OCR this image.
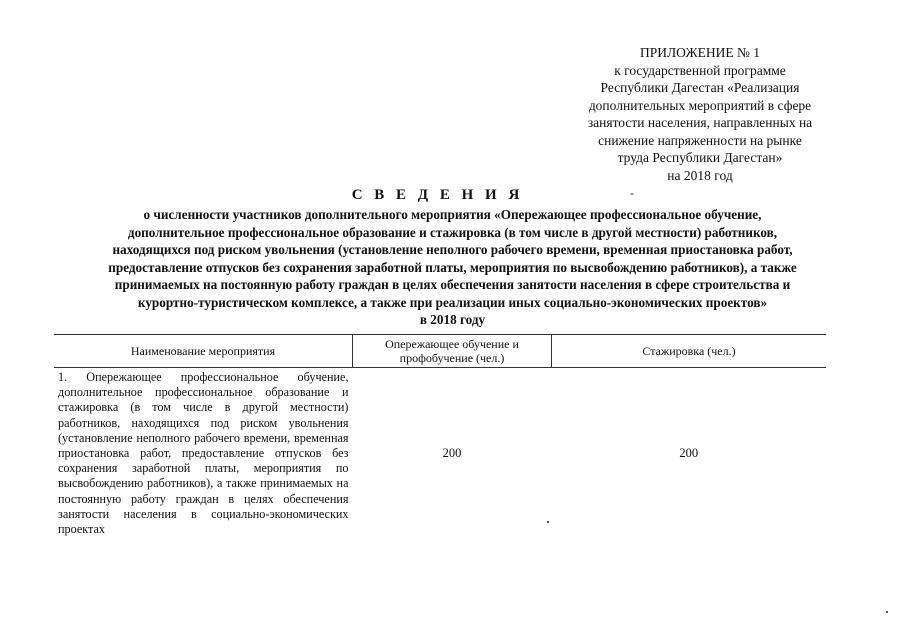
ПРИЛОЖЕНИЕ № 1
к государственной программе
Республики Дагестан «Реализация
дополнительных мероприятий в сфере
занятости населения, направленных на
снижение напряженности на рынке
труда Республики Дагестан»
на 2018 год
-
С В Е Д Е Н И Я
о численности участников дополнительного мероприятия «Опережающее профессиональное обучение,
дополнительное профессиональное образование и стажировка (в том числе в другой местности) работников,
находящихся под риском увольнения (установление неполного рабочего времени, временная приостановка работ,
предоставление отпусков без сохранения заработной платы, мероприятия по высвобождению работников), а также
принимаемых на постоянную работу граждан в целях обеспечения занятости населения в сфере строительства и
курортно-туристическом комплексе, а также при реализации иных социально-экономических проектов»
в 2018 году
Наименование мероприятия	Опережающее обучение и профобучение (чел.)	Стажировка (чел.)
1. Опережающее профессиональное обучение, дополнительное профессиональное образование и стажировка (в том числе в другой местности) работников, находящихся под риском увольнения (установление неполного рабочего времени, временная приостановка работ, предоставление отпусков без сохранения заработной платы, мероприятия по высвобождению работников), а также принимаемых на постоянную работу граждан в целях обеспечения занятости населения в социально-экономических проектах	200	200
